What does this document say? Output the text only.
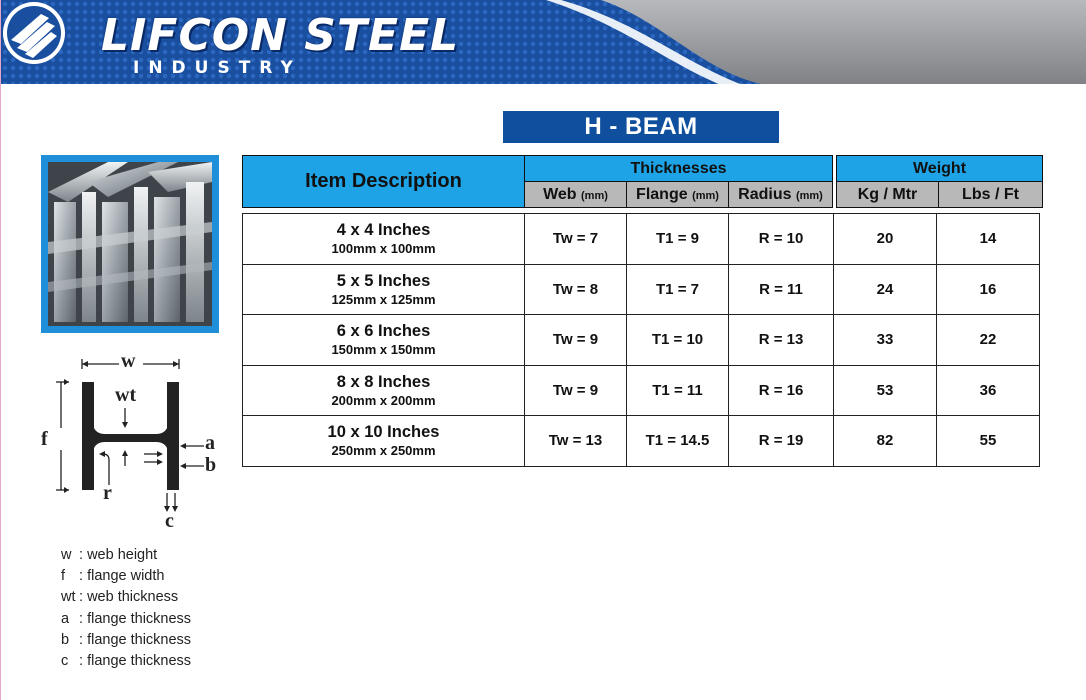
LIFCON STEEL
INDUSTRY
H - BEAM
w
wt
f	a
b
r
c
w : web height
f : flange width
wt : web thickness
a : flange thickness
b : flange thickness
c : flange thickness
Item Description	Thicknesses				Weight	
	Web (mm)	Flange (mm)	Radius (mm)		Kg / Mtr	Lbs / Ft
4 x 4 Inches
100mm x 100mm	Tw = 7	T1 = 9	R = 10	20	14

5 x 5 Inches
125mm x 125mm	Tw = 8	T1 = 7	R = 11	24	16

6 x 6 Inches
150mm x 150mm	Tw = 9	T1 = 10	R = 13	33	22

8 x 8 Inches
200mm x 200mm	Tw = 9	T1 = 11	R = 16	53	36

10 x 10 Inches
250mm x 250mm	Tw = 13	T1 = 14.5	R = 19	82	55
